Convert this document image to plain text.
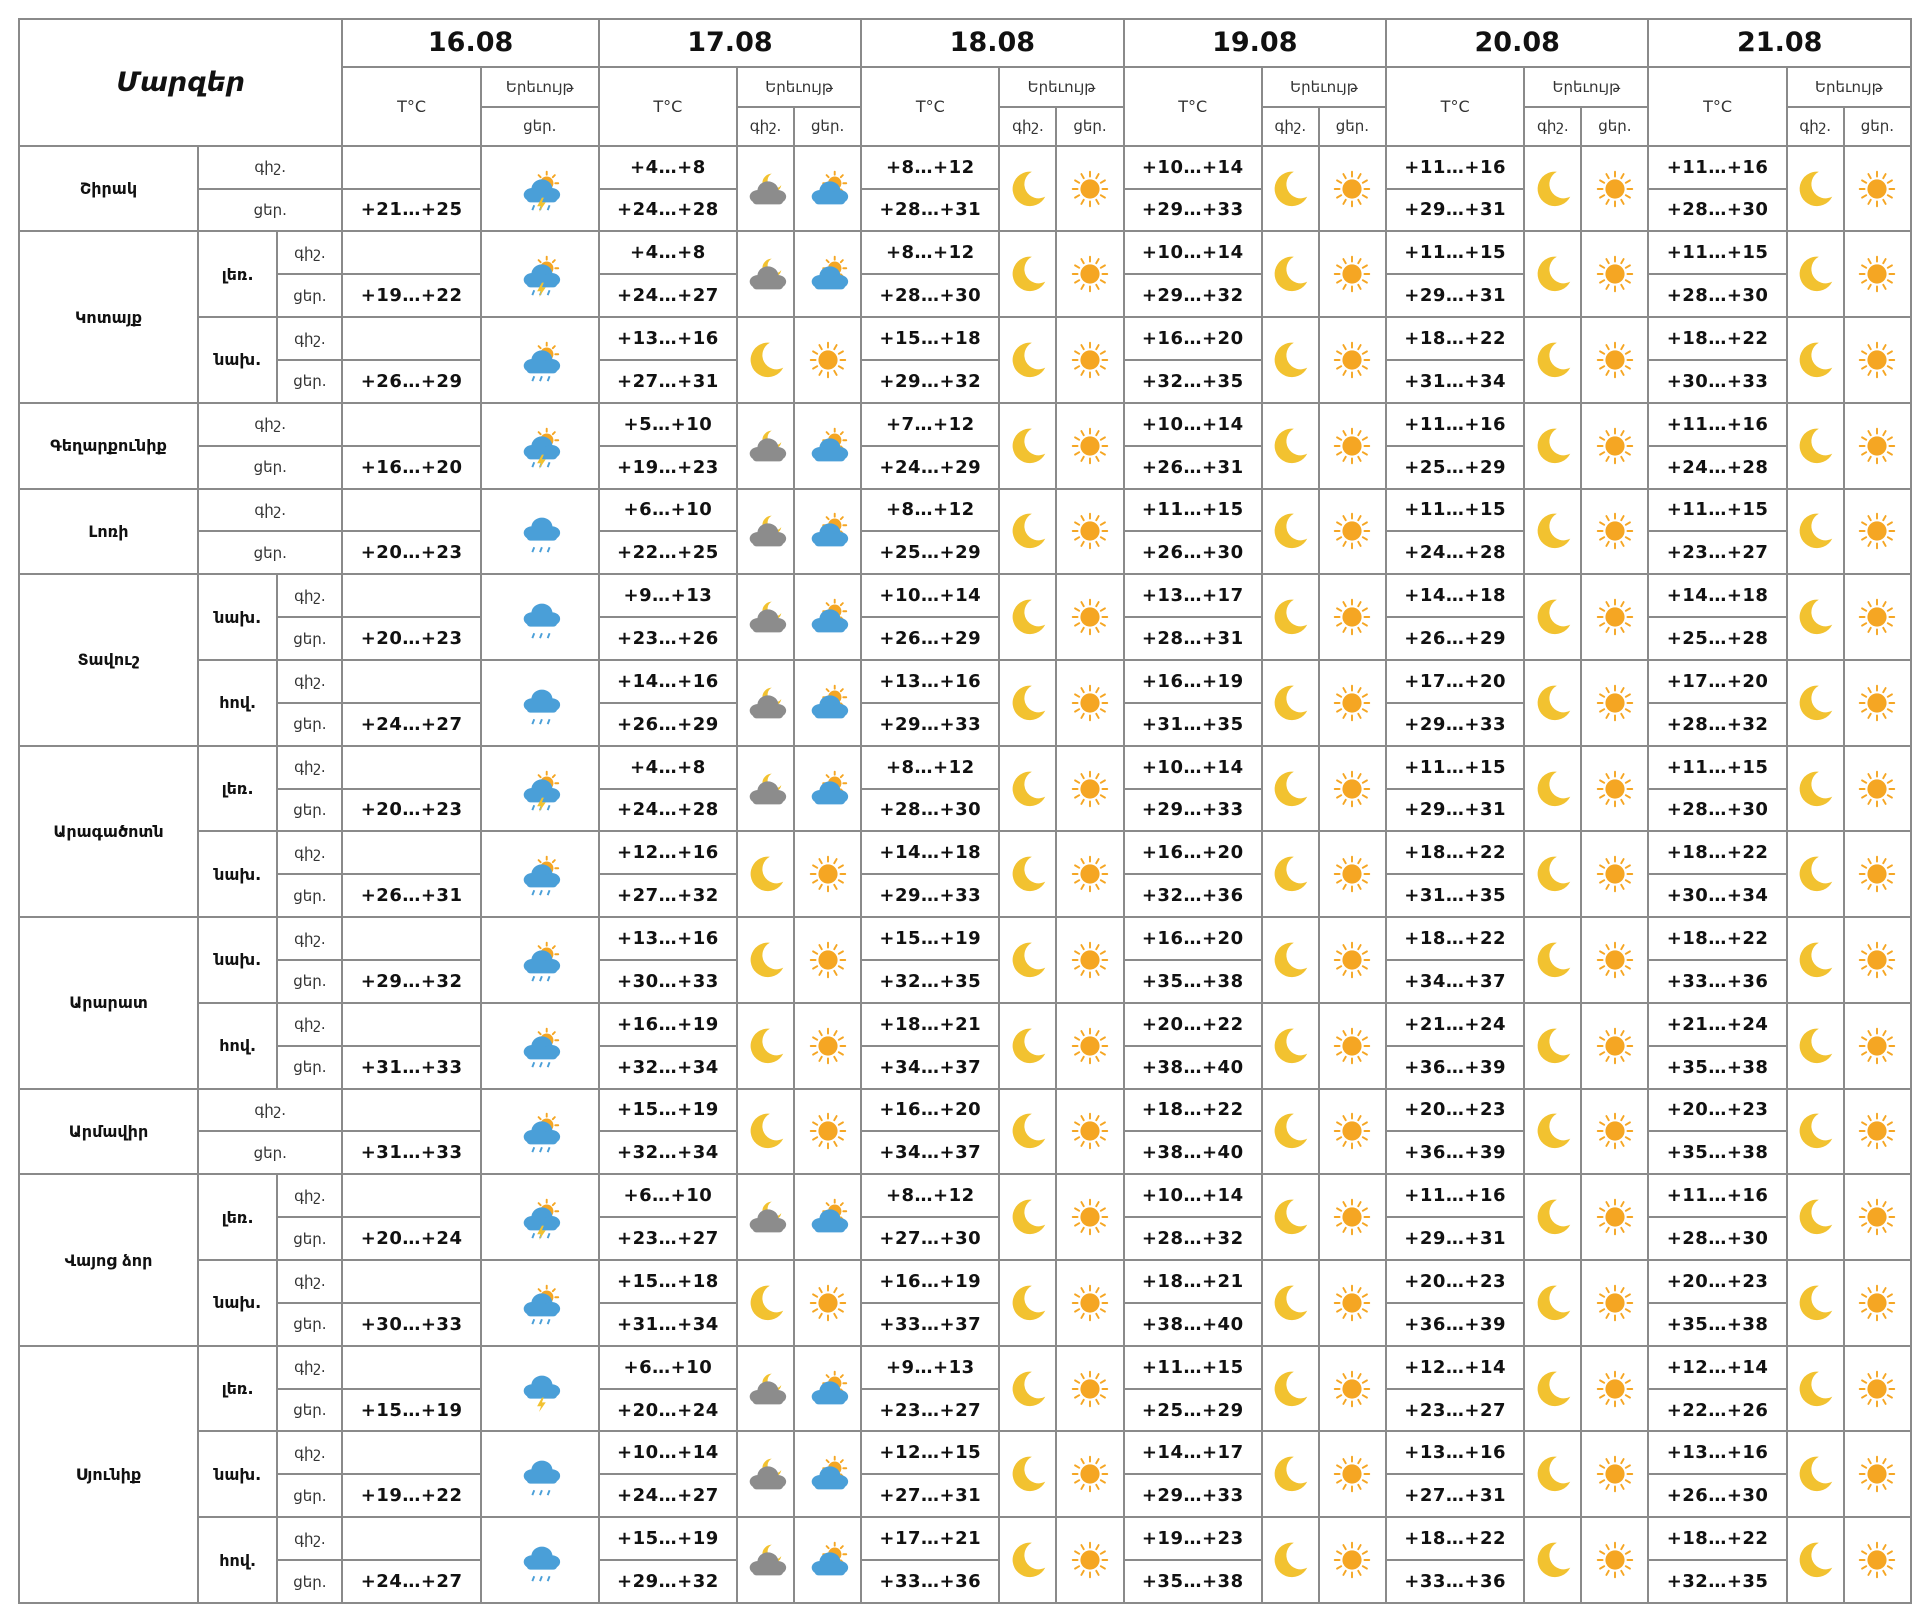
Մարզեր			16.08		17.08			18.08			19.08			20.08			21.08		
			T°C	Երեւույթ	T°C	Երեւույթ		T°C	Երեւույթ		T°C	Երեւույթ		T°C	Երեւույթ		T°C	Երեւույթ	
				ցեր.		գիշ.	ցեր.		գիշ.	ցեր.		գիշ.	ցեր.		գիշ.	ցեր.		գիշ.	ցեր.
Շիրակ	գիշ.				+4…+8			+8…+12			+10…+14			+11…+16			+11…+16		
	ցեր.		+21…+25		+24…+28			+28…+31			+29…+33			+29…+31			+28…+30		
Կոտայք	լեռ.	գիշ.			+4…+8			+8…+12			+10…+14			+11…+15			+11…+15		
		ցեր.	+19…+22		+24…+27			+28…+30			+29…+32			+29…+31			+28…+30		
	նախ.	գիշ.			+13…+16			+15…+18			+16…+20			+18…+22			+18…+22		
		ցեր.	+26…+29		+27…+31			+29…+32			+32…+35			+31…+34			+30…+33		
Գեղարքունիք	գիշ.				+5…+10			+7…+12			+10…+14			+11…+16			+11…+16		
	ցեր.		+16…+20		+19…+23			+24…+29			+26…+31			+25…+29			+24…+28		
Լոռի	գիշ.				+6…+10			+8…+12			+11…+15			+11…+15			+11…+15		
	ցեր.		+20…+23		+22…+25			+25…+29			+26…+30			+24…+28			+23…+27		
Տավուշ	նախ.	գիշ.			+9…+13			+10…+14			+13…+17			+14…+18			+14…+18		
		ցեր.	+20…+23		+23…+26			+26…+29			+28…+31			+26…+29			+25…+28		
	հով.	գիշ.			+14…+16			+13…+16			+16…+19			+17…+20			+17…+20		
		ցեր.	+24…+27		+26…+29			+29…+33			+31…+35			+29…+33			+28…+32		
Արագածոտն	լեռ.	գիշ.			+4…+8			+8…+12			+10…+14			+11…+15			+11…+15		
		ցեր.	+20…+23		+24…+28			+28…+30			+29…+33			+29…+31			+28…+30		
	նախ.	գիշ.			+12…+16			+14…+18			+16…+20			+18…+22			+18…+22		
		ցեր.	+26…+31		+27…+32			+29…+33			+32…+36			+31…+35			+30…+34		
Արարատ	նախ.	գիշ.			+13…+16			+15…+19			+16…+20			+18…+22			+18…+22		
		ցեր.	+29…+32		+30…+33			+32…+35			+35…+38			+34…+37			+33…+36		
	հով.	գիշ.			+16…+19			+18…+21			+20…+22			+21…+24			+21…+24		
		ցեր.	+31…+33		+32…+34			+34…+37			+38…+40			+36…+39			+35…+38		
Արմավիր	գիշ.				+15…+19			+16…+20			+18…+22			+20…+23			+20…+23		
	ցեր.		+31…+33		+32…+34			+34…+37			+38…+40			+36…+39			+35…+38		
Վայոց ձոր	լեռ.	գիշ.			+6…+10			+8…+12			+10…+14			+11…+16			+11…+16		
		ցեր.	+20…+24		+23…+27			+27…+30			+28…+32			+29…+31			+28…+30		
	նախ.	գիշ.			+15…+18			+16…+19			+18…+21			+20…+23			+20…+23		
		ցեր.	+30…+33		+31…+34			+33…+37			+38…+40			+36…+39			+35…+38		
Սյունիք	լեռ.	գիշ.			+6…+10			+9…+13			+11…+15			+12…+14			+12…+14		
		ցեր.	+15…+19		+20…+24			+23…+27			+25…+29			+23…+27			+22…+26		
	նախ.	գիշ.			+10…+14			+12…+15			+14…+17			+13…+16			+13…+16		
		ցեր.	+19…+22		+24…+27			+27…+31			+29…+33			+27…+31			+26…+30		
	հով.	գիշ.			+15…+19			+17…+21			+19…+23			+18…+22			+18…+22		
		ցեր.	+24…+27		+29…+32			+33…+36			+35…+38			+33…+36			+32…+35		
